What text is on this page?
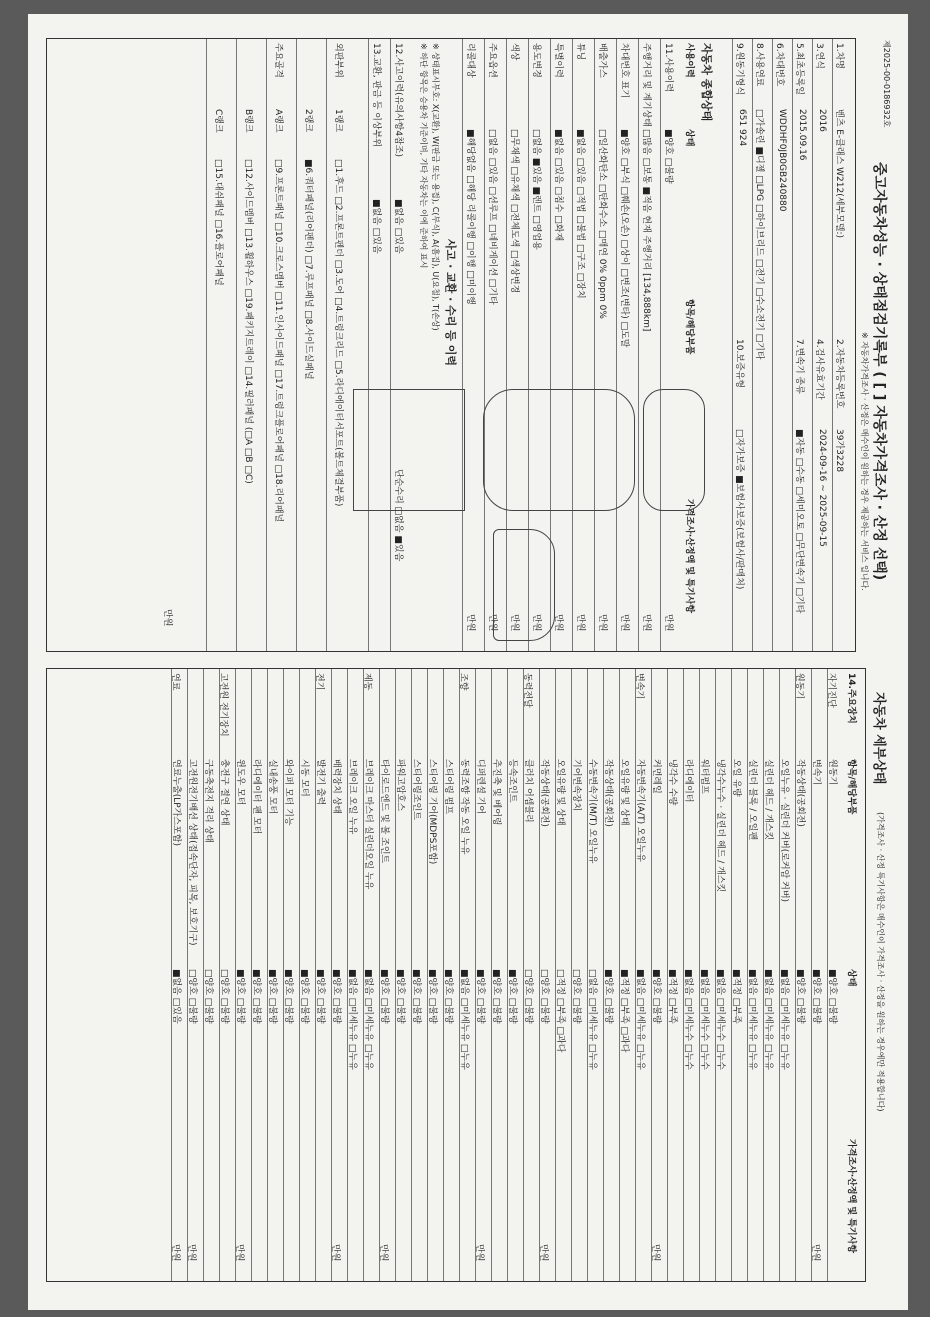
제2025-00-0186932호
중고자동차성능 · 상태점검기록부 ( [ ] 자동차가격조사 · 산정 선택)
※ 자동차가격조사 · 산정은 매수인이 원하는 경우 제공하는 서비스 입니다.
1.차명
벤츠 E-클래스 W212(세부모델:)
2.자동차등록번호
39가3228
3.연식
2016
4.검사유효기간
2024-09-16 ~ 2025-09-15
5.최초등록일
2015.09.16
7.변속기 종류
■자동 □수동 □세미오토 □무단변속기 □기타
6.차대번호
WDDHF0JB0GB240880
8.사용연료
□가솔린 ■디젤 □LPG □하이브리드 □전기 □수소전기 □기타
9.원동기형식
651 924
10.보증유형
□자가보증 ■보험사보증(보험사/판매처)
자동차 종합상태
사용이력
상태
항목/해당부품
가격조사·산정액 및 특기사항
11.사용이력
■양호 □불량
만원
주행거리 및 계기상태
□많음 □보통 ■적음 현재 주행거리 [134,888km]
만원
차대번호 표기
■양호 □부식 □훼손(오손) □상이 □변조(변타) □도말
만원
배출가스
□일산화탄소 □탄화수소 □매연 0% 0ppm 0%
만원
튜닝
■없음 □있음 □적법 □불법 □구조 □장치
만원
특별이력
■없음 □있음 □침수 □화재
만원
용도변경
□없음 ■있음 ■렌트 □영업용
만원
색상
□무채색 □유채색 □전체도색 □색상변경
만원
주요옵션
□없음 □있음 □선루프 □네비게이션 □기타
만원
리콜대상
■해당없음 □해당 리콜이행 □이행 □미이행
만원
사고 · 교환 · 수리 등 이력
※ 상태표시부호: X(교환), W(판금 또는 용접), C(부식), A(흠집), U(요철), T(손상)
※ 하단 항목은 승용차 기준이며, 기타 자동차는 이에 준하여 표시
12.사고이력(유의사항4참조)
■없음 □있음
단순수리 □없음 ■있음
13.교환, 판금 등 이상부위
■없음 □있음
외판부위
1랭크
□1.후드 □2.프론트펜더 □3.도어 □4.트렁크리드 □5.라디에이터서포트(볼트체결부품)
2랭크
■6.쿼터패널(리어펜더) □7.루프패널 □8.사이드실패널
주요골격
A랭크
□9.프론트패널 □10.크로스멤버 □11.인사이드패널 □17.트렁크플로어패널 □18.리어패널
B랭크
□12.사이드멤버 □13.휠하우스 □19.패키지트레이 □14.필러패널 (□A □B □C)
C랭크
□15.대쉬패널 □16.플로어패널
만원
자동차 세부상태
(가격조사 · 산정 특기사항은 매수인이 가격조사 · 산정을 원하는 경우에만 적용합니다)
14.주요장치
항목/해당부품
상태
가격조사·산정액 및 특기사항
자기진단
원동기
■양호 □불량
변속기
■양호 □불량
만원
원동기
작동상태(공회전)
■양호 □불량
오일누유 · 실린더 커버(로커암 커버)
■없음 □미세누유 □누유
실린더 헤드 / 개스킷
■없음 □미세누유 □누유
실린더 블록 / 오일팬
■없음 □미세누유 □누유
오일 유량
■적정 □부족
냉각수누수 · 실린더 헤드 / 개스킷
■없음 □미세누수 □누수
워터펌프
■없음 □미세누수 □누수
라디에이터
■없음 □미세누수 □누수
냉각수 수량
■적정 □부족
커먼레일
■양호 □불량
만원
변속기
자동변속기(A/T) 오일누유
■없음 □미세누유 □누유
오일유량 및 상태
■적정 □부족 □과다
작동상태(공회전)
■양호 □불량
수동변속기(M/T) 오일누유
□없음 □미세누유 □누유
기어변속장치
□양호 □불량
오일유량 및 상태
□적정 □부족 □과다
작동상태(공회전)
□양호 □불량
만원
동력전달
클러치 어셈블리
□양호 □불량
등속조인트
■양호 □불량
추진축 및 베어링
■양호 □불량
디퍼렌셜 기어
■양호 □불량
만원
조향
동력조향 작동 오일 누유
■없음 □미세누유 □누유
스티어링 펌프
■양호 □불량
스티어링 기어(MDPS포함)
■양호 □불량
스티어링조인트
■양호 □불량
파워고압호스
■양호 □불량
타이로드엔드 및 볼 조인트
■양호 □불량
만원
제동
브레이크 마스터 실린더오일 누유
■없음 □미세누유 □누유
브레이크 오일 누유
■없음 □미세누유 □누유
배력장치 상태
■양호 □불량
만원
전기
발전기 출력
■양호 □불량
시동 모터
■양호 □불량
와이퍼 모터 기능
■양호 □불량
실내송풍 모터
■양호 □불량
라디에이터 팬 모터
■양호 □불량
윈도우 모터
■양호 □불량
만원
고전원 전기장치
충전구 절연 상태
□양호 □불량
구동축전지 격리 상태
□양호 □불량
고전원전기배선 상태(접속단자, 피복, 보호기구)
□양호 □불량
만원
연료
연료누출(LP가스포함)
■없음 □있음
만원
